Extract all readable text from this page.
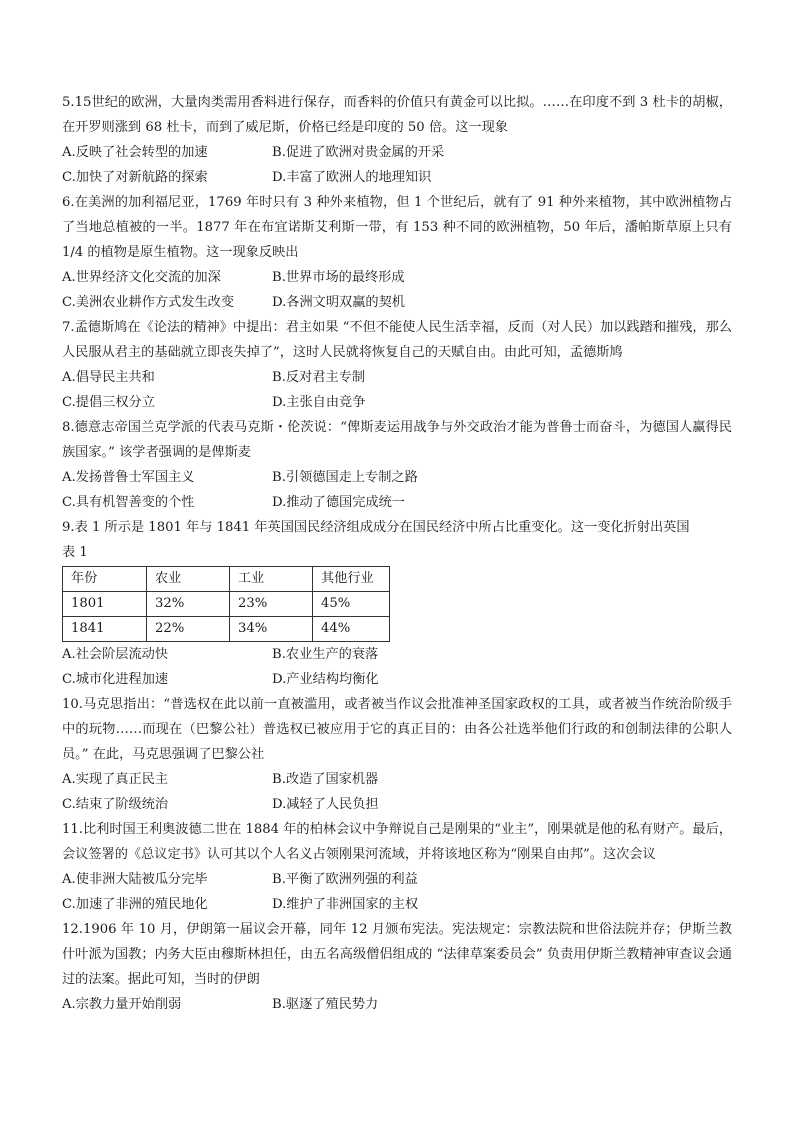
5.15世纪的欧洲，大量肉类需用香料进行保存，而香料的价值只有黄金可以比拟。……在印度不到 3 杜卡的胡椒，在开罗则涨到 68 杜卡，而到了威尼斯，价格已经是印度的 50 倍。这一现象

A.反映了社会转型的加速	B.促进了欧洲对贵金属的开采
C.加快了对新航路的探索	D.丰富了欧洲人的地理知识

6.在美洲的加利福尼亚，1769 年时只有 3 种外来植物，但 1 个世纪后，就有了 91 种外来植物，其中欧洲植物占了当地总植被的一半。1877 年在布宜诺斯艾利斯一带，有 153 种不同的欧洲植物，50 年后，潘帕斯草原上只有 1/4 的植物是原生植物。这一现象反映出

A.世界经济文化交流的加深	B.世界市场的最终形成
C.美洲农业耕作方式发生改变	D.各洲文明双赢的契机

7.孟德斯鸠在《论法的精神》中提出：君主如果 “不但不能使人民生活幸福，反而（对人民）加以践踏和摧残，那么人民服从君主的基础就立即丧失掉了”，这时人民就将恢复自己的天赋自由。由此可知，孟德斯鸠

A.倡导民主共和	B.反对君主专制
C.提倡三权分立	D.主张自由竞争

8.德意志帝国兰克学派的代表马克斯・伦茨说：“俾斯麦运用战争与外交政治才能为普鲁士而奋斗，为德国人赢得民族国家。” 该学者强调的是俾斯麦

A.发扬普鲁士军国主义	B.引领德国走上专制之路
C.具有机智善变的个性	D.推动了德国完成统一

9.表 1 所示是 1801 年与 1841 年英国国民经济组成成分在国民经济中所占比重变化。这一变化折射出英国

表 1

年份	农业	工业	其他行业
1801	32%	23%	45%
1841	22%	34%	44%
A.社会阶层流动快	B.农业生产的衰落
C.城市化进程加速	D.产业结构均衡化

10.马克思指出：“普选权在此以前一直被滥用，或者被当作议会批准神圣国家政权的工具，或者被当作统治阶级手中的玩物……而现在（巴黎公社）普选权已被应用于它的真正目的：由各公社选举他们行政的和创制法律的公职人员。” 在此，马克思强调了巴黎公社

A.实现了真正民主	B.改造了国家机器
C.结束了阶级统治	D.减轻了人民负担

11.比利时国王利奥波德二世在 1884 年的柏林会议中争辩说自己是刚果的“业主”，刚果就是他的私有财产。最后，会议签署的《总议定书》认可其以个人名义占领刚果河流域，并将该地区称为“刚果自由邦”。这次会议

A.使非洲大陆被瓜分完毕	B.平衡了欧洲列强的利益
C.加速了非洲的殖民地化	D.维护了非洲国家的主权

12.1906 年 10 月，伊朗第一届议会开幕，同年 12 月颁布宪法。宪法规定：宗教法院和世俗法院并存；伊斯兰教什叶派为国教；内务大臣由穆斯林担任，由五名高级僧侣组成的 “法律草案委员会” 负责用伊斯兰教精神审查议会通过的法案。据此可知，当时的伊朗

A.宗教力量开始削弱	B.驱逐了殖民势力
